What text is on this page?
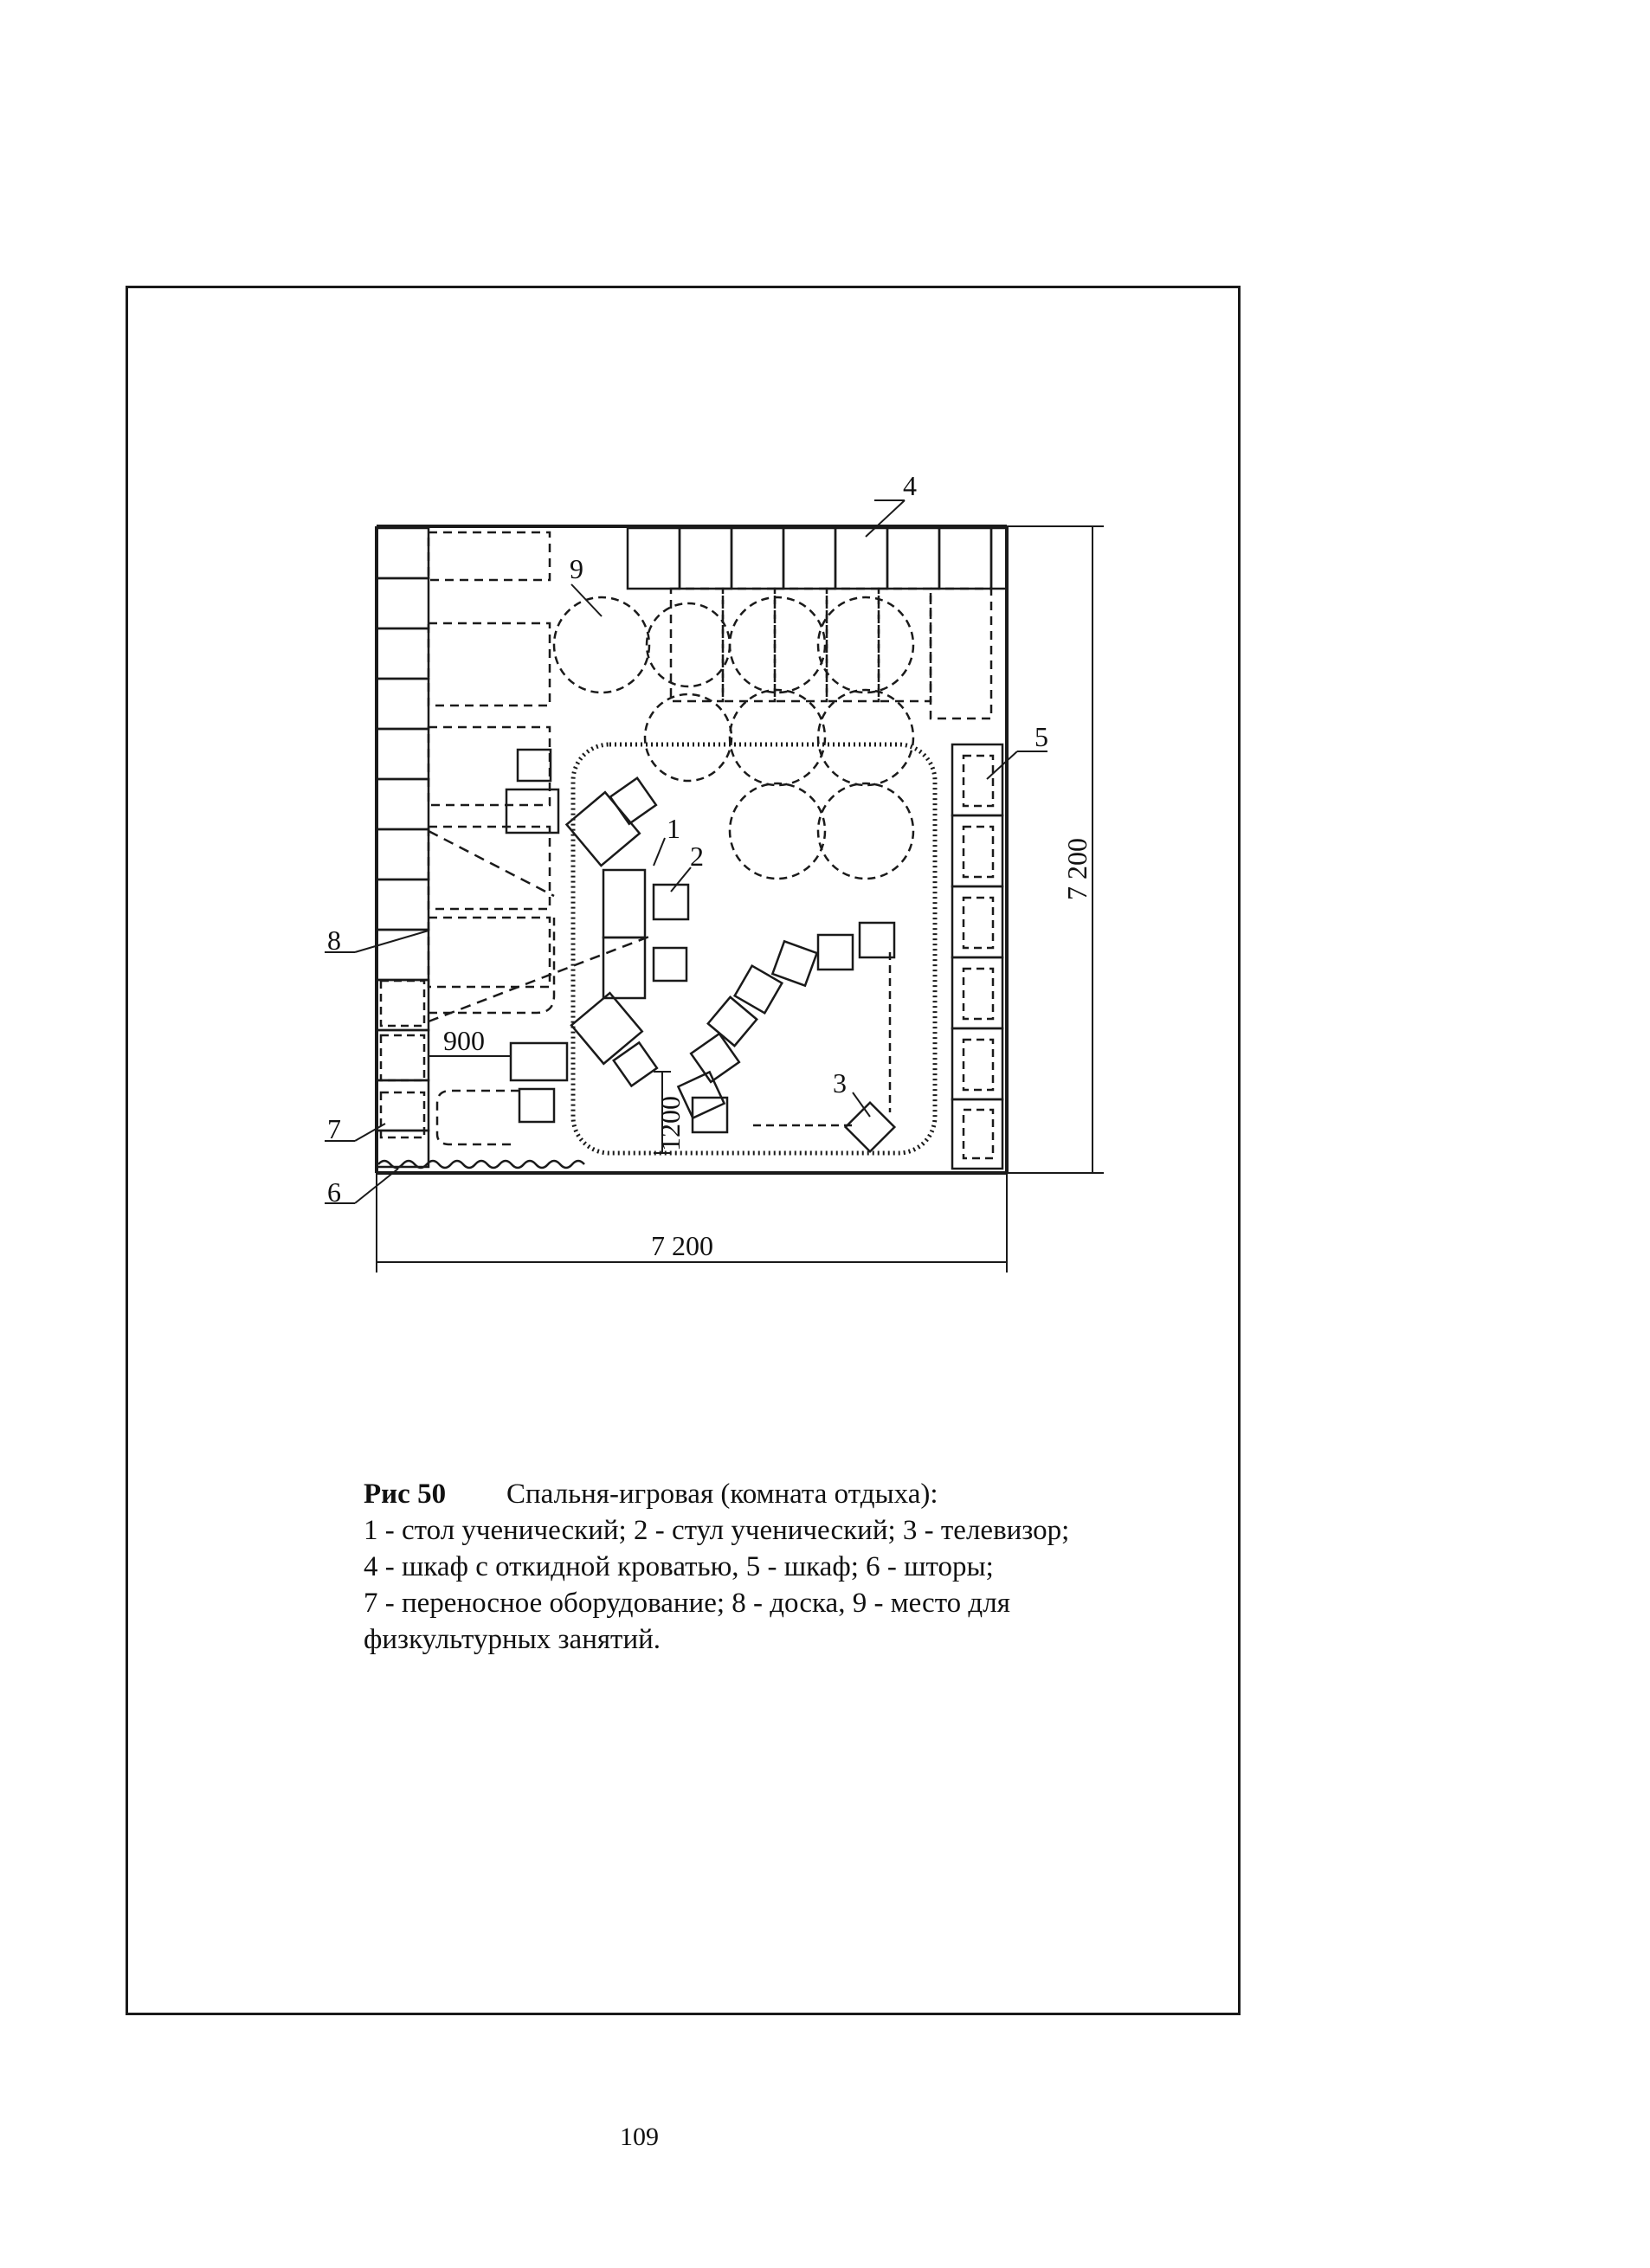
1
2
3
4
5
6
7
8
9
7 200
7 200
900
1200
Рис 50	Спальня-игровая (комната отдыха):
1 - стол ученический; 2 - стул ученический; 3 - телевизор;
4 - шкаф с откидной кроватью, 5 - шкаф; 6 - шторы;
7 - переносное оборудование; 8 - доска, 9 - место для
физкультурных занятий.
109
